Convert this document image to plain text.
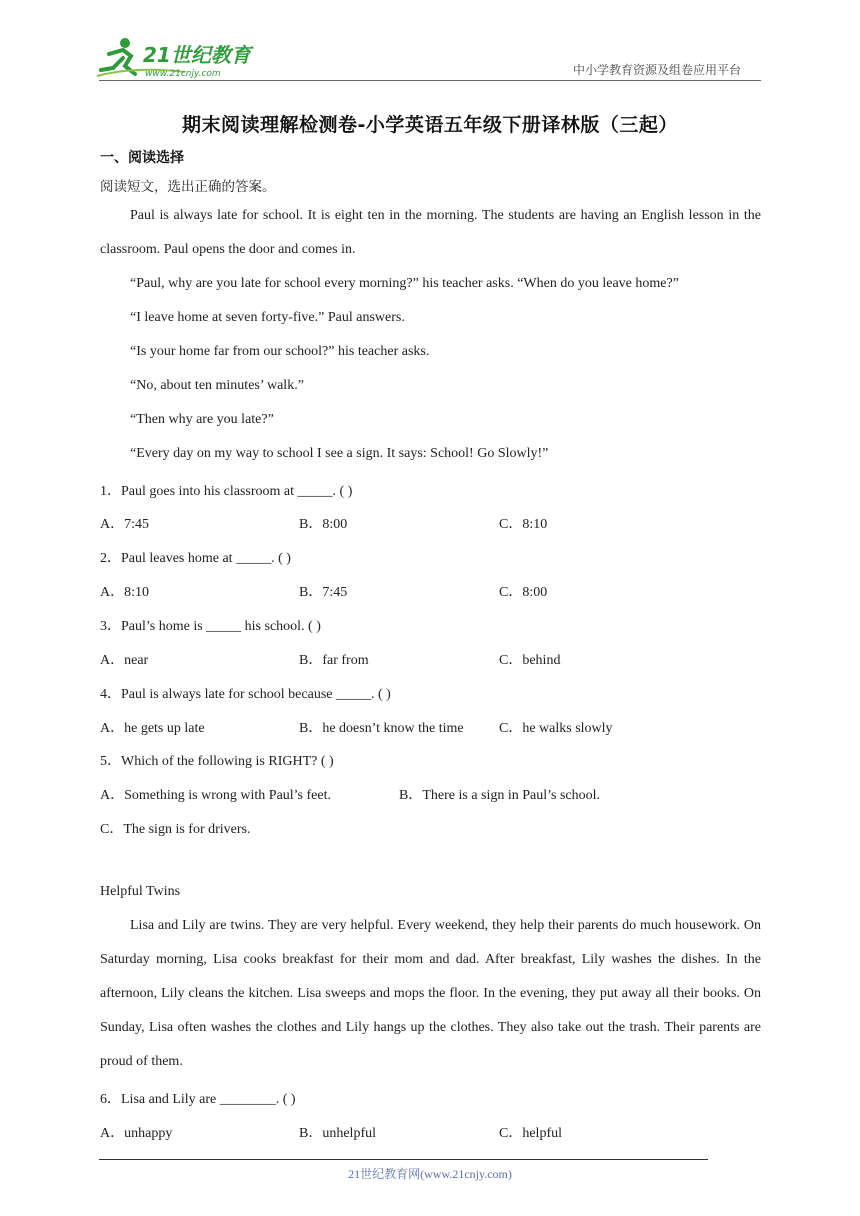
21世纪教育
www.21cnjy.com	中小学教育资源及组卷应用平台
期末阅读理解检测卷-小学英语五年级下册译林版（三起）
一、阅读选择
阅读短文，选出正确的答案。
Paul is always late for school. It is eight ten in the morning. The students are having an English lesson in the classroom. Paul opens the door and comes in.
“Paul, why are you late for school every morning?” his teacher asks. “When do you leave home?”
“I leave home at seven forty-five.” Paul answers.
“Is your home far from our school?” his teacher asks.
“No, about ten minutes’ walk.”
“Then why are you late?”
“Every day on my way to school I see a sign. It says: School! Go Slowly!”
1．Paul goes into his classroom at _____. ( )
A．7:45	B．8:00	C．8:10
2．Paul leaves home at _____. ( )
A．8:10	B．7:45	C．8:00
3．Paul’s home is _____ his school. ( )
A．near	B．far from	C．behind
4．Paul is always late for school because _____. ( )
A．he gets up late	B．he doesn’t know the time	C．he walks slowly
5．Which of the following is RIGHT? ( )
A．Something is wrong with Paul’s feet.	B．There is a sign in Paul’s school.
C．The sign is for drivers.
Helpful Twins
Lisa and Lily are twins. They are very helpful. Every weekend, they help their parents do much housework. On Saturday morning, Lisa cooks breakfast for their mom and dad. After breakfast, Lily washes the dishes. In the afternoon, Lily cleans the kitchen. Lisa sweeps and mops the floor. In the evening, they put away all their books. On Sunday, Lisa often washes the clothes and Lily hangs up the clothes. They also take out the trash. Their parents are proud of them.
6．Lisa and Lily are ________. ( )
A．unhappy	B．unhelpful	C．helpful
21世纪教育网(www.21cnjy.com)
